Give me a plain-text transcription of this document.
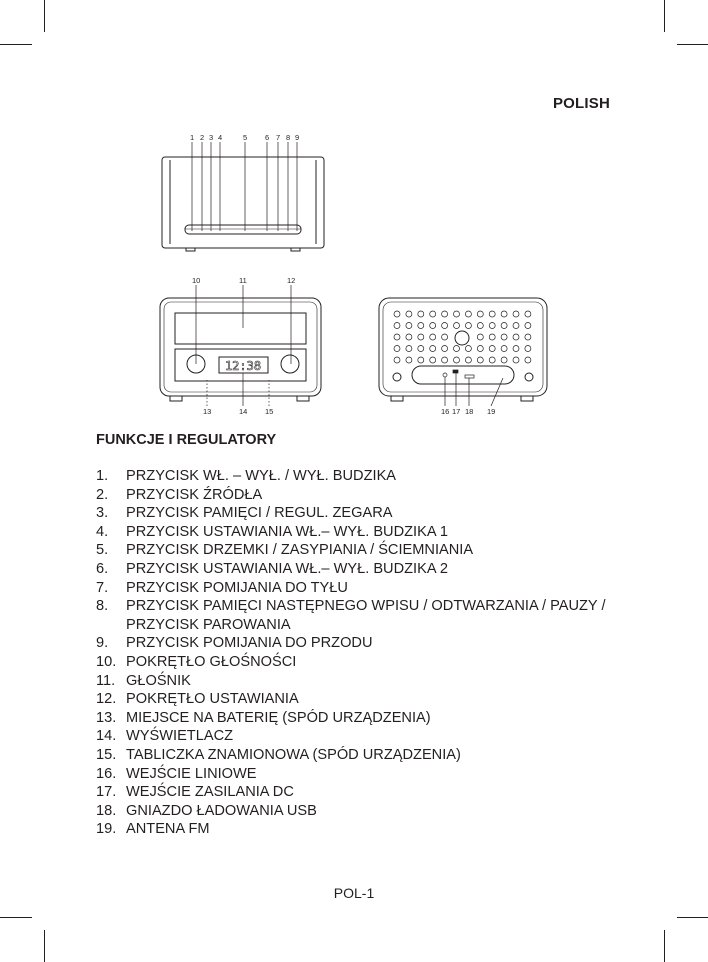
POLISH
1 2 3 4	5 6 7 8 9
12:38
10	11	12
13	14 15	16 17 18 19
FUNKCJE I REGULATORY
1.	PRZYCISK WŁ. – WYŁ. / WYŁ. BUDZIKA
2.	PRZYCISK ŹRÓDŁA
3.	PRZYCISK PAMIĘCI / REGUL. ZEGARA
4.	PRZYCISK USTAWIANIA WŁ.– WYŁ. BUDZIKA 1
5.	PRZYCISK DRZEMKI / ZASYPIANIA / ŚCIEMNIANIA
6.	PRZYCISK USTAWIANIA WŁ.– WYŁ. BUDZIKA 2
7.	PRZYCISK POMIJANIA DO TYŁU
8.	PRZYCISK PAMIĘCI NASTĘPNEGO WPISU / ODTWARZANIA / PAUZY / PRZYCISK PAROWANIA
9.	PRZYCISK POMIJANIA DO PRZODU
10. POKRĘTŁO GŁOŚNOŚCI
11. GŁOŚNIK
12. POKRĘTŁO USTAWIANIA
13. MIEJSCE NA BATERIĘ (SPÓD URZĄDZENIA)
14. WYŚWIETLACZ
15. TABLICZKA ZNAMIONOWA (SPÓD URZĄDZENIA)
16. WEJŚCIE LINIOWE
17. WEJŚCIE ZASILANIA DC
18. GNIAZDO ŁADOWANIA USB
19. ANTENA FM
POL-1
